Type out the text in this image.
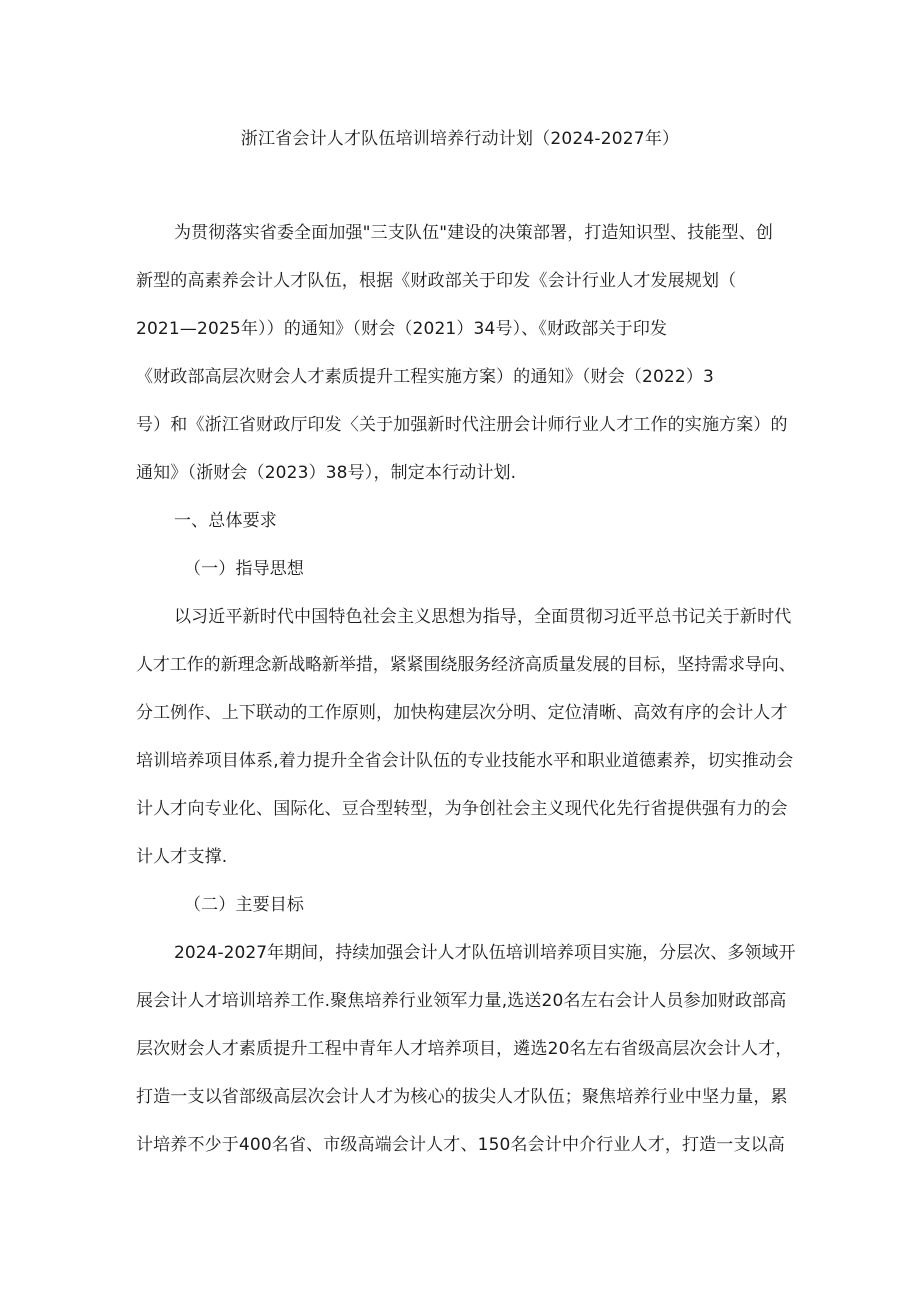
浙江省会计人才队伍培训培养行动计划（2024-2027年）
为贯彻落实省委全面加强"三支队伍"建设的决策部署，打造知识型、技能型、创
新型的高素养会计人才队伍，根据《财政部关于印发《会计行业人才发展规划（
2021—2025年））的通知》（财会（2021）34号）、《财政部关于印发
《财政部高层次财会人才素质提升工程实施方案）的通知》（财会（2022）3
号）和《浙江省财政厅印发〈关于加强新时代注册会计师行业人才工作的实施方案）的
通知》（浙财会（2023）38号），制定本行动计划.
一、总体要求
（一）指导思想
以习近平新时代中国特色社会主义思想为指导，全面贯彻习近平总书记关于新时代
人才工作的新理念新战略新举措，紧紧围绕服务经济高质量发展的目标，坚持需求导向、
分工例作、上下联动的工作原则，加快构建层次分明、定位清晰、高效有序的会计人才
培训培养项目体系,着力提升全省会计队伍的专业技能水平和职业道德素养，切实推动会
计人才向专业化、国际化、豆合型转型，为争创社会主义现代化先行省提供强有力的会
计人才支撑.
（二）主要目标
2024-2027年期间，持续加强会计人才队伍培训培养项目实施，分层次、多领域开
展会计人才培训培养工作.聚焦培养行业领军力量,选送20名左右会计人员参加财政部高
层次财会人才素质提升工程中青年人才培养项目，遴选20名左右省级高层次会计人才，
打造一支以省部级高层次会计人才为核心的拔尖人才队伍；聚焦培养行业中坚力量，累
计培养不少于400名省、市级高端会计人才、150名会计中介行业人才，打造一支以高
